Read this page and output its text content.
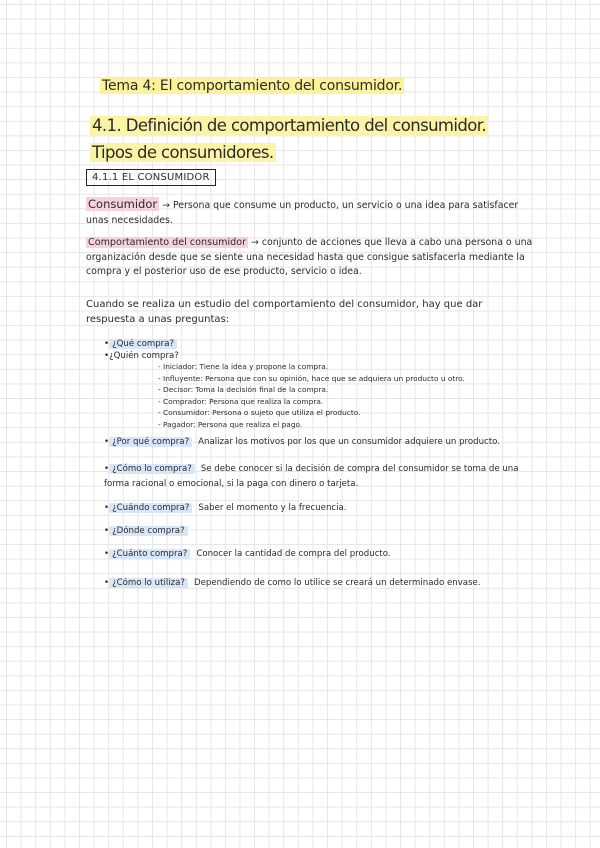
Tema 4: El comportamiento del consumidor.
4.1. Definición de comportamiento del consumidor.
Tipos de consumidores.
4.1.1 EL CONSUMIDOR
Consumidor → Persona que consume un producto, un servicio o una idea para satisfacer unas necesidades.
Comportamiento del consumidor → conjunto de acciones que lleva a cabo una persona o una organización desde que se siente una necesidad hasta que consigue satisfacerla mediante la compra y el posterior uso de ese producto, servicio o idea.
Cuando se realiza un estudio del comportamiento del consumidor, hay que dar respuesta a unas preguntas:
• ¿Qué compra?
•¿Quién compra?
- Iniciador: Tiene la idea y propone la compra.
- Influyente: Persona que con su opinión, hace que se adquiera un producto u otro.
- Decisor: Toma la decisión final de la compra.
- Comprador: Persona que realiza la compra.
- Consumidor: Persona o sujeto que utiliza el producto.
- Pagador: Persona que realiza el pago.
• ¿Por qué compra? Analizar los motivos por los que un consumidor adquiere un producto.
• ¿Cómo lo compra? Se debe conocer si la decisión de compra del consumidor se toma de una forma racional o emocional, si la paga con dinero o tarjeta.
• ¿Cuándo compra? Saber el momento y la frecuencia.
• ¿Dónde compra?
• ¿Cuánto compra? Conocer la cantidad de compra del producto.
• ¿Cómo lo utiliza? Dependiendo de como lo utilice se creará un determinado envase.
